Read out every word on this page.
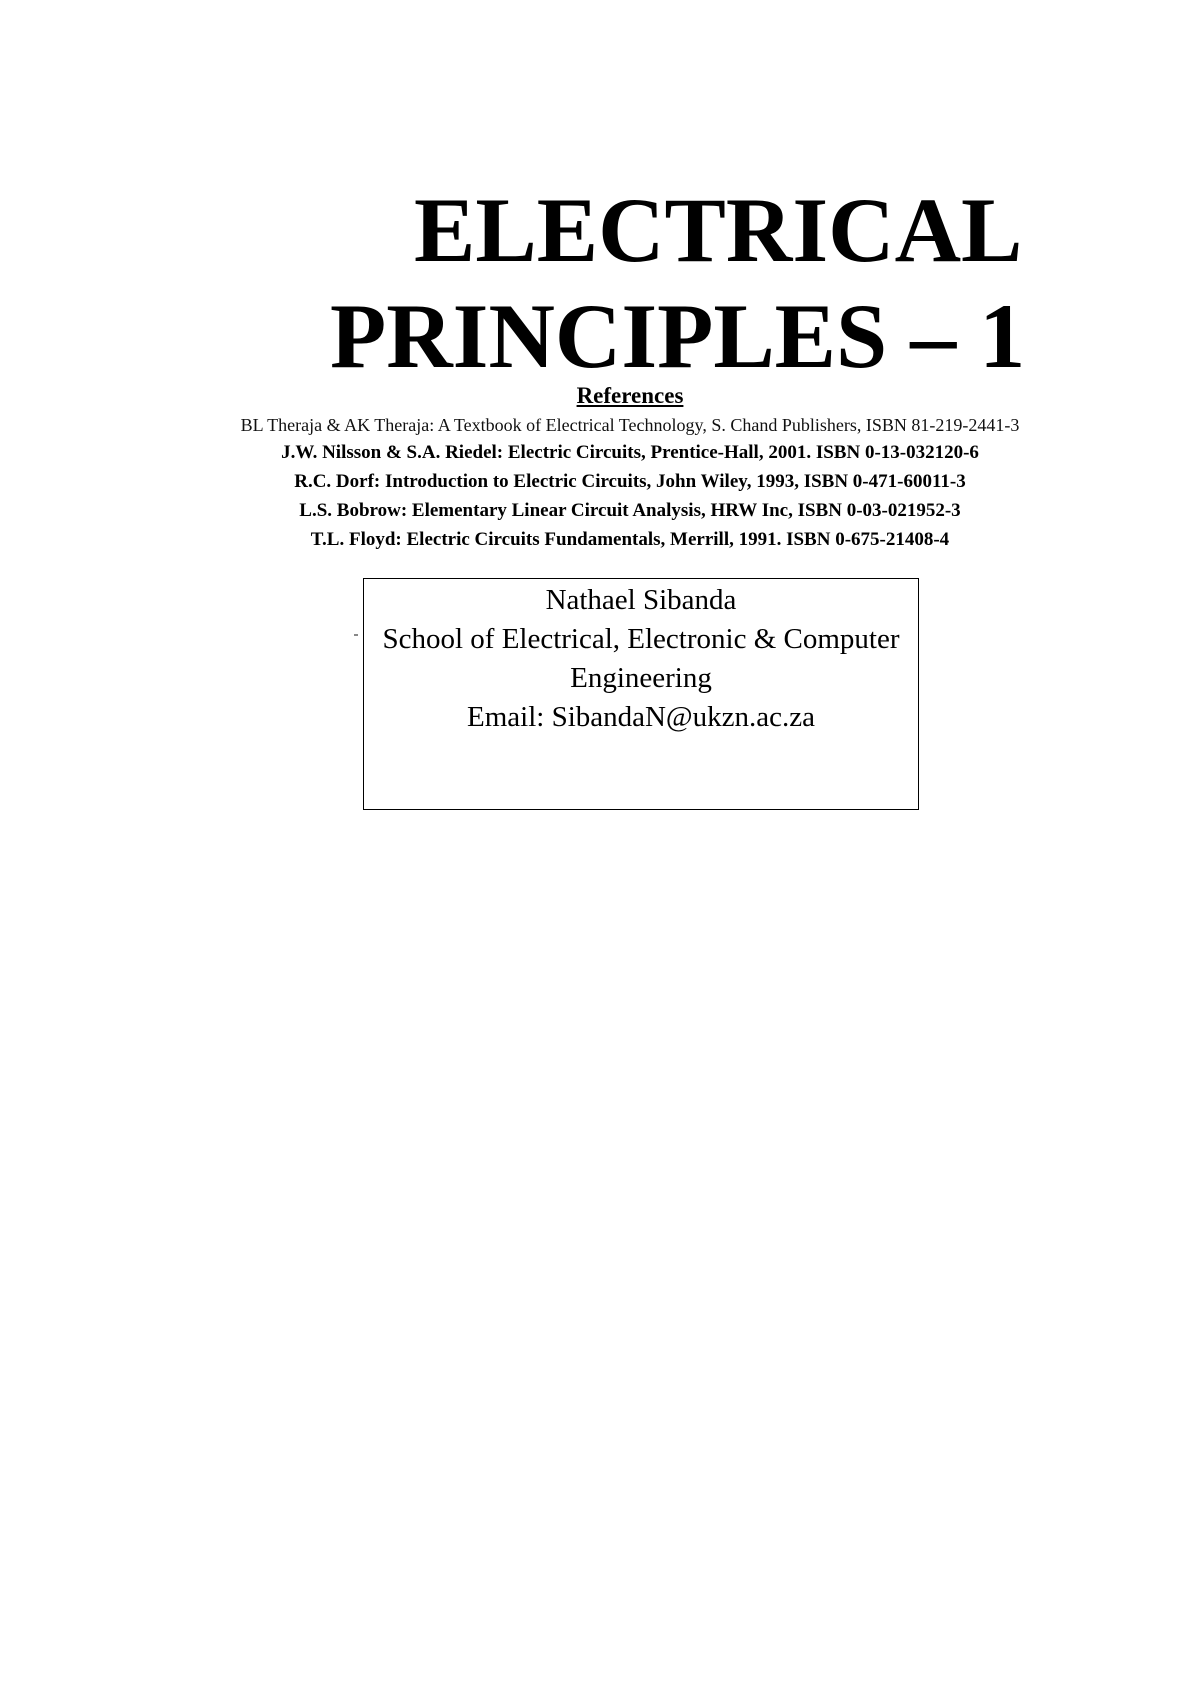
ELECTRICAL
PRINCIPLES – 1
References
BL Theraja & AK Theraja: A Textbook of Electrical Technology, S. Chand Publishers, ISBN 81-219-2441-3
J.W. Nilsson & S.A. Riedel: Electric Circuits, Prentice-Hall, 2001. ISBN 0-13-032120-6
R.C. Dorf: Introduction to Electric Circuits, John Wiley, 1993, ISBN 0-471-60011-3
L.S. Bobrow: Elementary Linear Circuit Analysis, HRW Inc, ISBN 0-03-021952-3
T.L. Floyd: Electric Circuits Fundamentals, Merrill, 1991. ISBN 0-675-21408-4
Nathael Sibanda
School of Electrical, Electronic & Computer
Engineering
Email: SibandaN@ukzn.ac.za
